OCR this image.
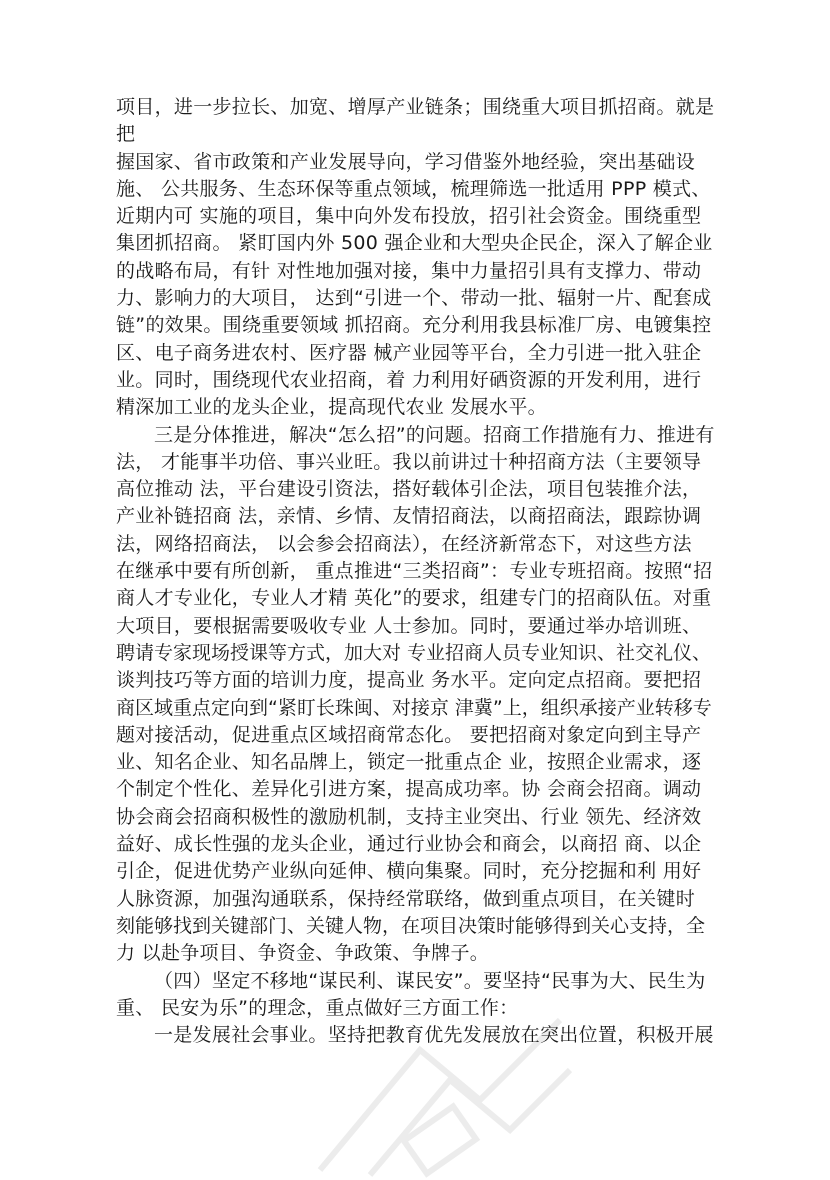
项目，进一步拉长、加宽、增厚产业链条；围绕重大项目抓招商。就是
把
握国家、省市政策和产业发展导向，学习借鉴外地经验，突出基础设
施、 公共服务、生态环保等重点领域，梳理筛选一批适用 PPP 模式、
近期内可 实施的项目，集中向外发布投放，招引社会资金。围绕重型
集团抓招商。 紧盯国内外 500 强企业和大型央企民企，深入了解企业
的战略布局，有针 对性地加强对接，集中力量招引具有支撑力、带动
力、影响力的大项目， 达到“引进一个、带动一批、辐射一片、配套成
链”的效果。围绕重要领域 抓招商。充分利用我县标准厂房、电镀集控
区、电子商务进农村、医疗器 械产业园等平台，全力引进一批入驻企
业。同时，围绕现代农业招商，着 力利用好硒资源的开发利用，进行
精深加工业的龙头企业，提高现代农业 发展水平。
三是分体推进，解决“怎么招”的问题。招商工作措施有力、推进有
法， 才能事半功倍、事兴业旺。我以前讲过十种招商方法（主要领导
高位推动 法，平台建设引资法，搭好载体引企法，项目包装推介法，
产业补链招商 法，亲情、乡情、友情招商法，以商招商法，跟踪协调
法，网络招商法， 以会参会招商法），在经济新常态下，对这些方法
在继承中要有所创新， 重点推进“三类招商”：专业专班招商。按照“招
商人才专业化，专业人才精 英化”的要求，组建专门的招商队伍。对重
大项目，要根据需要吸收专业 人士参加。同时，要通过举办培训班、
聘请专家现场授课等方式，加大对 专业招商人员专业知识、社交礼仪、
谈判技巧等方面的培训力度，提高业 务水平。定向定点招商。要把招
商区域重点定向到“紧盯长珠闽、对接京 津冀”上，组织承接产业转移专
题对接活动，促进重点区域招商常态化。 要把招商对象定向到主导产
业、知名企业、知名品牌上，锁定一批重点企 业，按照企业需求，逐
个制定个性化、差异化引进方案，提高成功率。协 会商会招商。调动
协会商会招商积极性的激励机制，支持主业突出、行业 领先、经济效
益好、成长性强的龙头企业，通过行业协会和商会，以商招 商、以企
引企，促进优势产业纵向延伸、横向集聚。同时，充分挖掘和利 用好
人脉资源，加强沟通联系，保持经常联络，做到重点项目，在关键时
刻能够找到关键部门、关键人物，在项目决策时能够得到关心支持，全
力 以赴争项目、争资金、争政策、争牌子。
（四）坚定不移地“谋民利、谋民安”。要坚持“民事为大、民生为
重、 民安为乐”的理念，重点做好三方面工作：
一是发展社会事业。坚持把教育优先发展放在突出位置，积极开展
